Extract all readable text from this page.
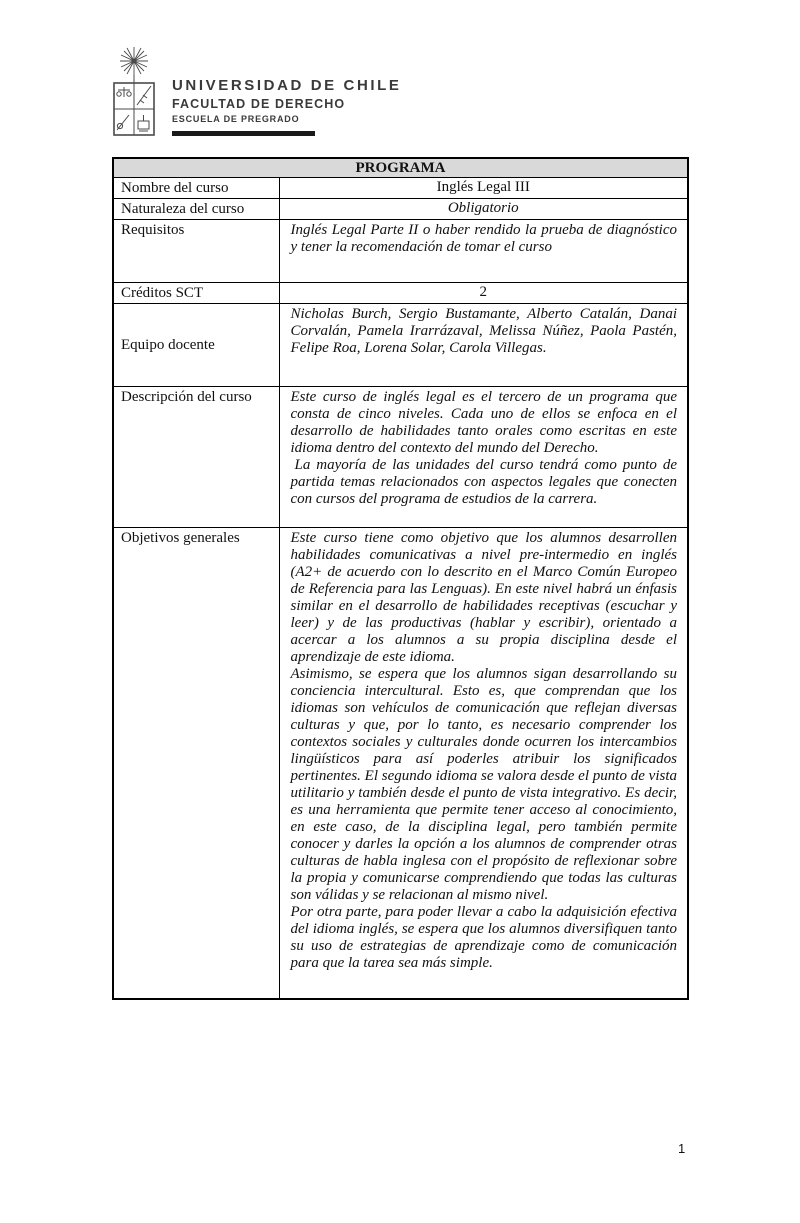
UNIVERSIDAD DE CHILE
FACULTAD DE DERECHO
ESCUELA DE PREGRADO
PROGRAMA	
Nombre del curso	Inglés Legal III
Naturaleza del curso	Obligatorio
Requisitos	Inglés Legal Parte II o haber rendido la prueba de diagnóstico y tener la recomendación de tomar el curso
Créditos SCT	2
Equipo docente	Nicholas Burch, Sergio Bustamante, Alberto Catalán, Danai Corvalán, Pamela Irarrázaval, Melissa Núñez, Paola Pastén, Felipe Roa, Lorena Solar, Carola Villegas.
Descripción del curso	Este curso de inglés legal es el tercero de un programa que consta de cinco niveles. Cada uno de ellos se enfoca en el desarrollo de habilidades tanto orales como escritas en este idioma dentro del contexto del mundo del Derecho.

La mayoría de las unidades del curso tendrá como punto de partida temas relacionados con aspectos legales que conecten con cursos del programa de estudios de la carrera.

Objetivos generales	Este curso tiene como objetivo que los alumnos desarrollen habilidades comunicativas a nivel pre-intermedio en inglés (A2+ de acuerdo con lo descrito en el Marco Común Europeo de Referencia para las Lenguas). En este nivel habrá un énfasis similar en el desarrollo de habilidades receptivas (escuchar y leer) y de las productivas (hablar y escribir), orientado a acercar a los alumnos a su propia disciplina desde el aprendizaje de este idioma.

Asimismo, se espera que los alumnos sigan desarrollando su conciencia intercultural. Esto es, que comprendan que los idiomas son vehículos de comunicación que reflejan diversas culturas y que, por lo tanto, es necesario comprender los contextos sociales y culturales donde ocurren los intercambios lingüísticos para así poderles atribuir los significados pertinentes. El segundo idioma se valora desde el punto de vista utilitario y también desde el punto de vista integrativo. Es decir, es una herramienta que permite tener acceso al conocimiento, en este caso, de la disciplina legal, pero también permite conocer y darles la opción a los alumnos de comprender otras culturas de habla inglesa con el propósito de reflexionar sobre la propia y comunicarse comprendiendo que todas las culturas son válidas y se relacionan al mismo nivel.

Por otra parte, para poder llevar a cabo la adquisición efectiva del idioma inglés, se espera que los alumnos diversifiquen tanto su uso de estrategias de aprendizaje como de comunicación para que la tarea sea más simple.

1
